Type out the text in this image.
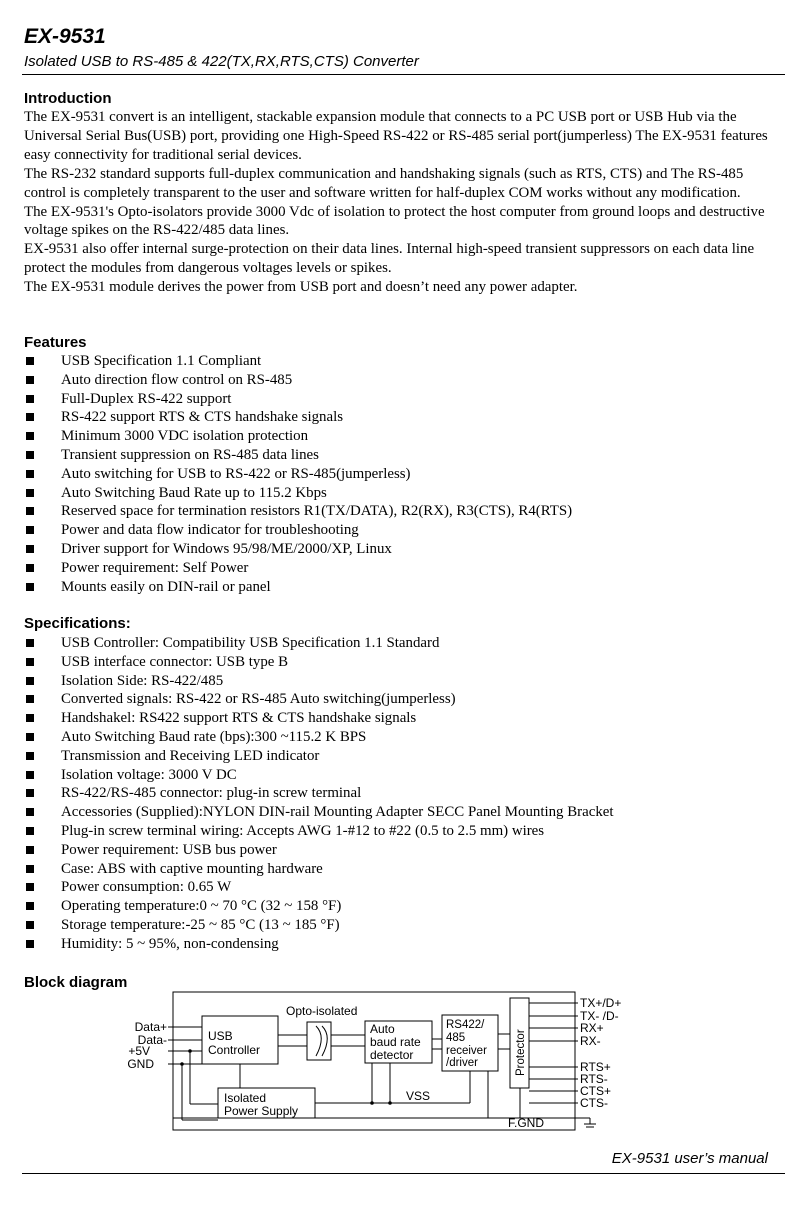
EX-9531
Isolated USB to RS-485 & 422(TX,RX,RTS,CTS) Converter
Introduction

The EX-9531 convert is an intelligent, stackable expansion module that connects to a PC USB port or USB Hub via the Universal Serial Bus(USB) port, providing one High-Speed RS-422 or RS-485 serial port(jumperless) The EX-9531 features easy connectivity for traditional serial devices.

The RS-232 standard supports full-duplex communication and handshaking signals (such as RTS, CTS) and The RS-485 control is completely transparent to the user and software written for half-duplex COM works without any modification.

The EX-9531's Opto-isolators provide 3000 Vdc of isolation to protect the host computer from ground loops and destructive voltage spikes on the RS-422/485 data lines.

EX-9531 also offer internal surge-protection on their data lines. Internal high-speed transient suppressors on each data line protect the modules from dangerous voltages levels or spikes.

The EX-9531 module derives the power from USB port and doesn’t need any power adapter.

Features
USB Specification 1.1 Compliant
Auto direction flow control on RS-485
Full-Duplex RS-422 support
RS-422 support RTS & CTS handshake signals
Minimum 3000 VDC isolation protection
Transient suppression on RS-485 data lines
Auto switching for USB to RS-422 or RS-485(jumperless)
Auto Switching Baud Rate up to 115.2 Kbps
Reserved space for termination resistors R1(TX/DATA), R2(RX), R3(CTS), R4(RTS)
Power and data flow indicator for troubleshooting
Driver support for Windows 95/98/ME/2000/XP, Linux
Power requirement: Self Power
Mounts easily on DIN-rail or panel
Specifications:
USB Controller: Compatibility USB Specification 1.1 Standard
USB interface connector: USB type B
Isolation Side: RS-422/485
Converted signals: RS-422 or RS-485 Auto switching(jumperless)
Handshakel: RS422 support RTS & CTS handshake signals
Auto Switching Baud rate (bps):300 ~115.2 K BPS
Transmission and Receiving LED indicator
Isolation voltage: 3000 V DC
RS-422/RS-485 connector: plug-in screw terminal
Accessories (Supplied):NYLON DIN-rail Mounting Adapter SECC Panel Mounting Bracket
Plug-in screw terminal wiring: Accepts AWG 1-#12 to #22 (0.5 to 2.5 mm) wires
Power requirement: USB bus power
Case: ABS with captive mounting hardware
Power consumption: 0.65 W
Operating temperature:0 ~ 70 °C (32 ~ 158 °F)
Storage temperature:-25 ~ 85 °C (13 ~ 185 °F)
Humidity: 5 ~ 95%, non-condensing
Block diagram
Data+
Data-
+5V
GND
Opto-isolated
USB
Controller
Auto
baud rate
detector
RS422/
485
receiver
/driver	Protector
Isolated
Power Supply
VSS
F.GND
TX+/D+
TX- /D-
RX+
RX-
RTS+
RTS-
CTS+
CTS-
EX-9531 user’s manual
